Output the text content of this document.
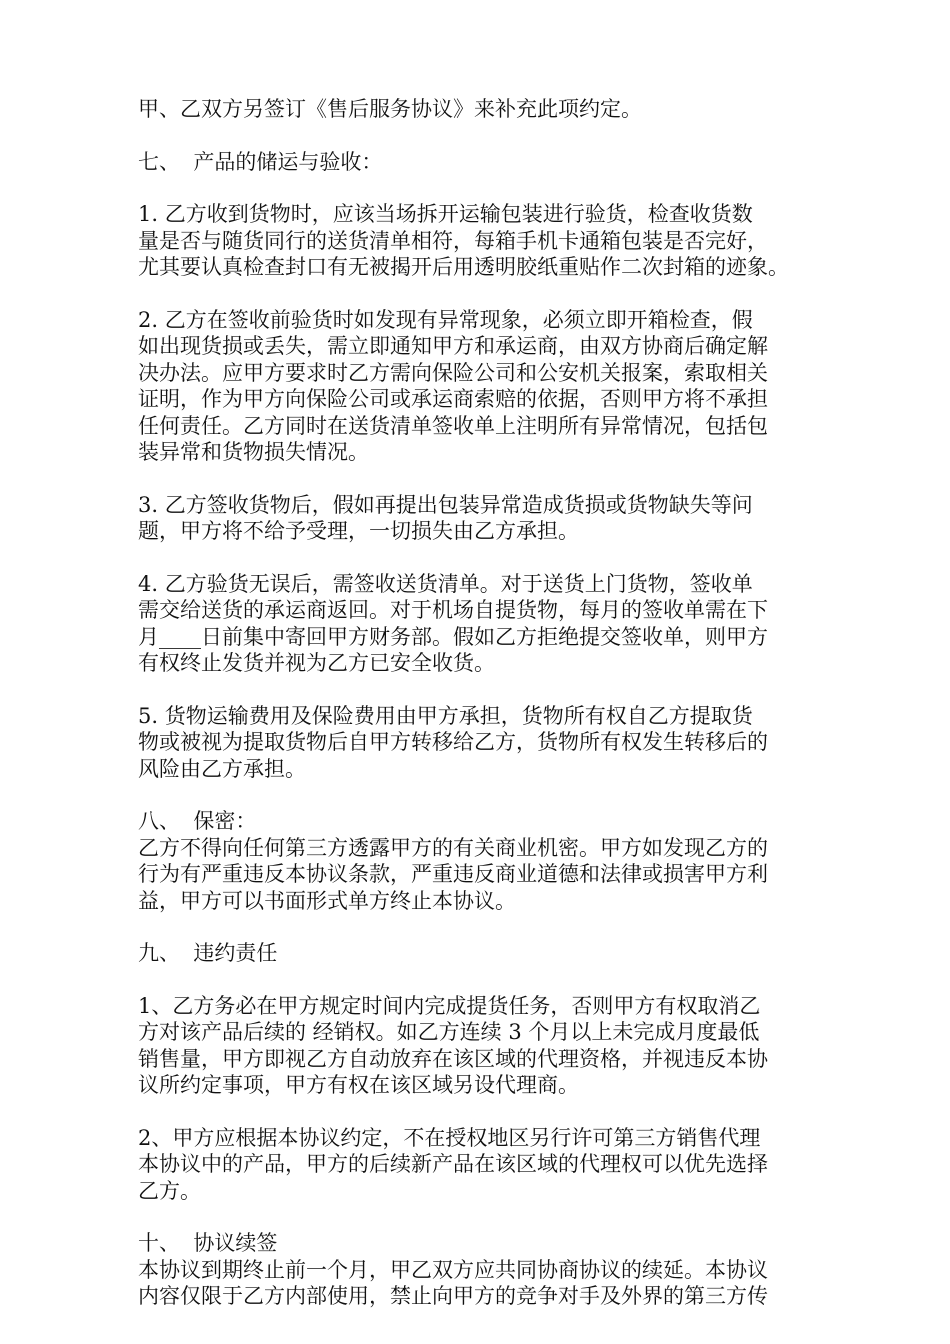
甲、乙双方另签订《售后服务协议》来补充此项约定。
七、  产品的储运与验收：
1. 乙方收到货物时，应该当场拆开运输包装进行验货，检查收货数
量是否与随货同行的送货清单相符，每箱手机卡通箱包装是否完好，
尤其要认真检查封口有无被揭开后用透明胶纸重贴作二次封箱的迹象。
2. 乙方在签收前验货时如发现有异常现象，必须立即开箱检查，假
如出现货损或丢失，需立即通知甲方和承运商，由双方协商后确定解
决办法。应甲方要求时乙方需向保险公司和公安机关报案，索取相关
证明，作为甲方向保险公司或承运商索赔的依据，否则甲方将不承担
任何责任。乙方同时在送货清单签收单上注明所有异常情况，包括包
装异常和货物损失情况。
3. 乙方签收货物后，假如再提出包装异常造成货损或货物缺失等问
题，甲方将不给予受理，一切损失由乙方承担。
4. 乙方验货无误后，需签收送货清单。对于送货上门货物，签收单
需交给送货的承运商返回。对于机场自提货物，每月的签收单需在下
月____日前集中寄回甲方财务部。假如乙方拒绝提交签收单，则甲方
有权终止发货并视为乙方已安全收货。
5. 货物运输费用及保险费用由甲方承担，货物所有权自乙方提取货
物或被视为提取货物后自甲方转移给乙方，货物所有权发生转移后的
风险由乙方承担。
八、  保密：
乙方不得向任何第三方透露甲方的有关商业机密。甲方如发现乙方的
行为有严重违反本协议条款，严重违反商业道德和法律或损害甲方利
益，甲方可以书面形式单方终止本协议。
九、  违约责任
1、乙方务必在甲方规定时间内完成提货任务，否则甲方有权取消乙
方对该产品后续的 经销权。如乙方连续 3 个月以上未完成月度最低
销售量，甲方即视乙方自动放弃在该区域的代理资格，并视违反本协
议所约定事项，甲方有权在该区域另设代理商。
2、甲方应根据本协议约定，不在授权地区另行许可第三方销售代理
本协议中的产品，甲方的后续新产品在该区域的代理权可以优先选择
乙方。
十、  协议续签
本协议到期终止前一个月，甲乙双方应共同协商协议的续延。本协议
内容仅限于乙方内部使用，禁止向甲方的竞争对手及外界的第三方传
